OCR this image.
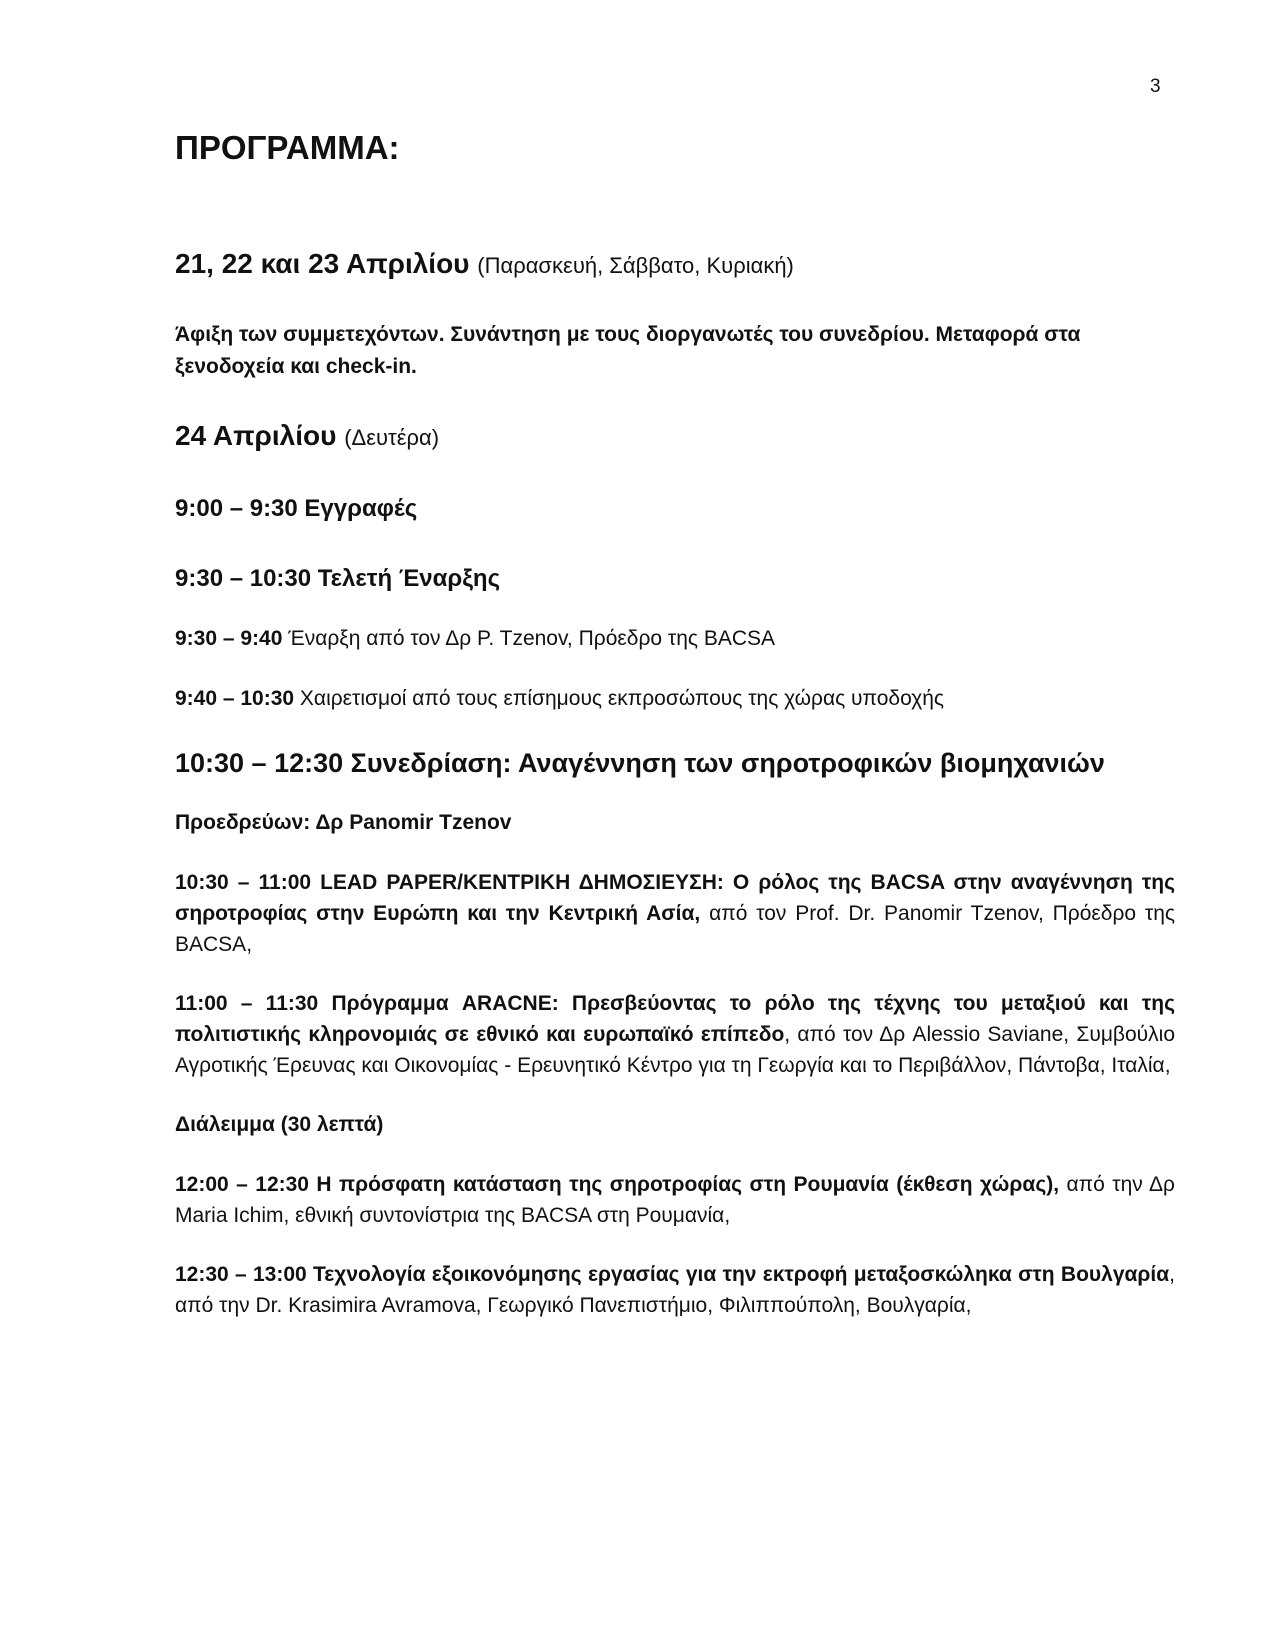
3
ΠΡΟΓΡΑΜΜΑ:

21, 22 και 23 Απριλίου (Παρασκευή, Σάββατο, Κυριακή)

Άφιξη των συμμετεχόντων. Συνάντηση με τους διοργανωτές του συνεδρίου. Μεταφορά στα ξενοδοχεία και check-in.

24 Απριλίου (Δευτέρα)

9:00 – 9:30 Εγγραφές

9:30 – 10:30 Τελετή Έναρξης

9:30 – 9:40 Έναρξη από τον Δρ P. Tzenov, Πρόεδρο της BACSA

9:40 – 10:30 Χαιρετισμοί από τους επίσημους εκπροσώπους της χώρας υποδοχής

10:30 – 12:30 Συνεδρίαση: Αναγέννηση των σηροτροφικών βιομηχανιών

Προεδρεύων: Δρ Panomir Tzenov

10:30 – 11:00 LEAD PAPER/ΚΕΝΤΡΙΚΗ ΔΗΜΟΣΙΕΥΣΗ: Ο ρόλος της BACSA στην αναγέννηση της σηροτροφίας στην Ευρώπη και την Κεντρική Ασία, από τον Prof. Dr. Panomir Tzenov, Πρόεδρο της BACSA,

11:00 – 11:30 Πρόγραμμα ARACNE: Πρεσβεύοντας το ρόλο της τέχνης του μεταξιού και της πολιτιστικής κληρονομιάς σε εθνικό και ευρωπαϊκό επίπεδο, από τον Δρ Alessio Saviane, Συμβούλιο Αγροτικής Έρευνας και Οικονομίας - Ερευνητικό Κέντρο για τη Γεωργία και το Περιβάλλον, Πάντοβα, Ιταλία,

Διάλειμμα (30 λεπτά)

12:00 – 12:30 Η πρόσφατη κατάσταση της σηροτροφίας στη Ρουμανία (έκθεση χώρας), από την Δρ Maria Ichim, εθνική συντονίστρια της BACSA στη Ρουμανία,

12:30 – 13:00 Τεχνολογία εξοικονόμησης εργασίας για την εκτροφή μεταξοσκώληκα στη Βουλγαρία, από την Dr. Krasimira Avramova, Γεωργικό Πανεπιστήμιο, Φιλιππούπολη, Βουλγαρία,
